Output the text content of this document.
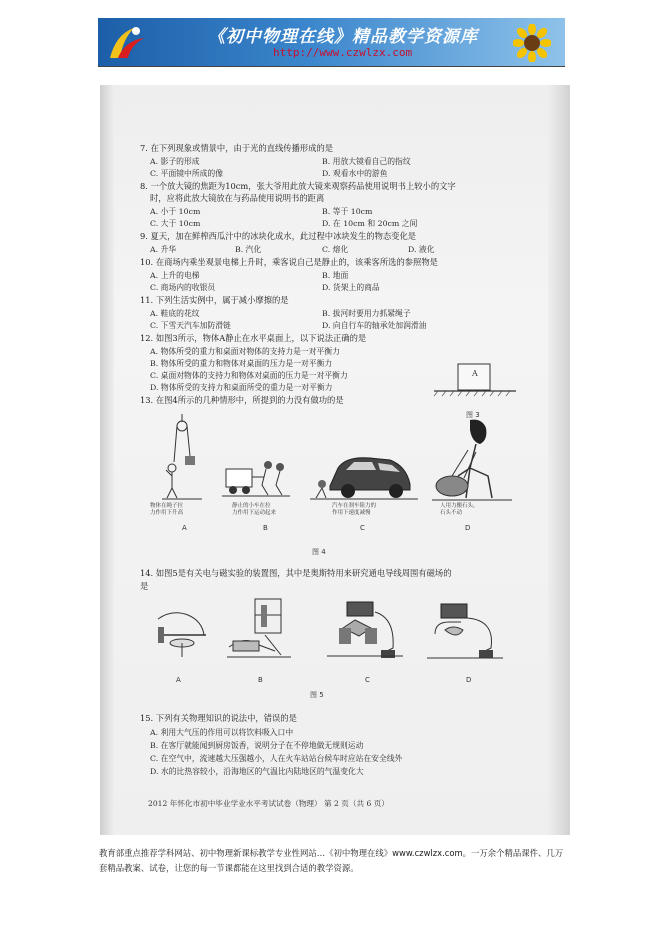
《初中物理在线》精品教学资源库
http://www.czwlzx.com
7. 在下列现象或情景中，由于光的直线传播形成的是
A. 影子的形成	B. 用放大镜看自己的指纹
C. 平面镜中所成的像	D. 观看水中的游鱼
8. 一个放大镜的焦距为10cm，张大爷用此放大镜来观察药品使用说明书上较小的文字
时，应将此放大镜放在与药品使用说明书的距离
A. 小于 10cm	B. 等于 10cm
C. 大于 10cm	D. 在 10cm 和 20cm 之间
9. 夏天，加在鲜榨西瓜汁中的冰块化成水，此过程中冰块发生的物态变化是
A. 升华	B. 汽化	C. 熔化	D. 液化
10. 在商场内乘坐观景电梯上升时，乘客说自己是静止的，该乘客所选的参照物是
A. 上升的电梯	B. 地面
C. 商场内的收银员	D. 货架上的商品
11. 下列生活实例中，属于减小摩擦的是
A. 鞋底的花纹	B. 拔河时要用力抓紧绳子
C. 下雪天汽车加防滑链	D. 向自行车的轴承处加润滑油
12. 如图3所示，物体A静止在水平桌面上，以下说法正确的是
A. 物体所受的重力和桌面对物体的支持力是一对平衡力
B. 物体所受的重力和物体对桌面的压力是一对平衡力
C. 桌面对物体的支持力和物体对桌面的压力是一对平衡力
D. 物体所受的支持力和桌面所受的重力是一对平衡力
A
图 3
13. 在图4所示的几种情形中，所提到的力没有做功的是
物体在绳子拉
力作用下升高
A
静止的小车在拉
力作用下运动起来
B
汽车在刹车阻力的
作用下速度减慢
C
人用力搬石头，
石头不动
D
图 4
14. 如图5是有关电与磁实验的装置图，其中是奥斯特用来研究通电导线周围有磁场的
是
A	B	C	D
图 5
15. 下列有关物理知识的说法中，错误的是
A. 利用大气压的作用可以将饮料吸入口中
B. 在客厅就能闻到厨房饭香，说明分子在不停地做无规则运动
C. 在空气中，流速越大压强越小，人在火车站站台候车时应站在安全线外
D. 水的比热容较小，沿海地区的气温比内陆地区的气温变化大
2012 年怀化市初中毕业学业水平考试试卷（物理） 第 2 页（共 6 页）
教育部重点推荐学科网站、初中物理新课标教学专业性网站…《初中物理在线》www.czwlzx.com。一万余个精品课件、几万套精品教案、试卷，让您的每一节课都能在这里找到合适的教学资源。
